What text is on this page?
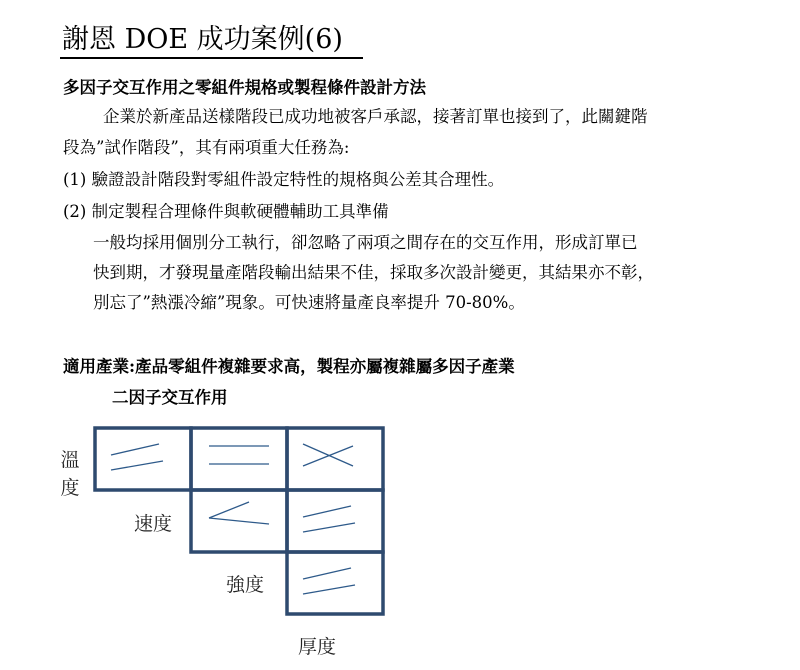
謝恩 DOE 成功案例(6)
多因子交互作用之零組件規格或製程條件設計方法
企業於新產品送樣階段已成功地被客戶承認，接著訂單也接到了，此關鍵階
段為”試作階段”，其有兩項重大任務為:
(1) 驗證設計階段對零組件設定特性的規格與公差其合理性。
(2) 制定製程合理條件與軟硬體輔助工具準備
一般均採用個別分工執行，卻忽略了兩項之間存在的交互作用，形成訂單已
快到期，才發現量產階段輸出結果不佳，採取多次設計變更，其結果亦不彰，
別忘了”熱漲冷縮”現象。可快速將量產良率提升 70-80%。
適用產業:產品零組件複雜要求高，製程亦屬複雜屬多因子產業
二因子交互作用
溫
度
速度
強度
厚度
